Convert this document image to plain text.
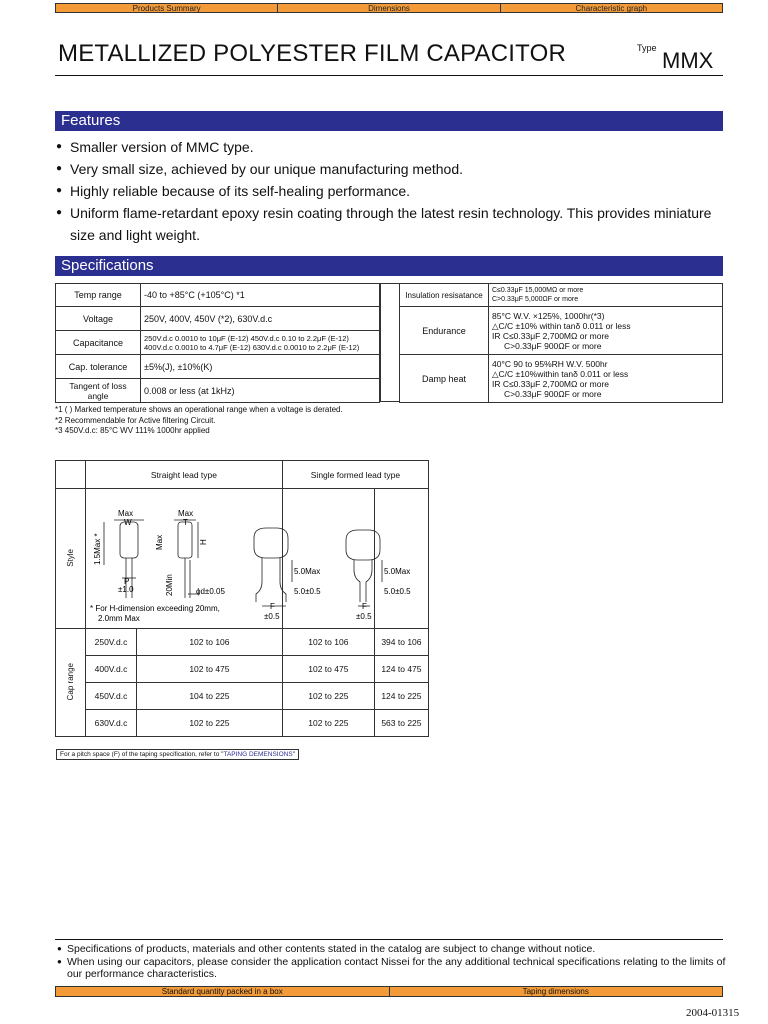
Products Summary	Dimensions	Characteristic graph
METALLIZED POLYESTER FILM CAPACITOR	Type MMX
Features
● Smaller version of MMC type.
● Very small size, achieved by our unique manufacturing method.
● Highly reliable because of its self-healing performance.
● Uniform flame-retardant epoxy resin coating through the latest resin technology. This provides miniature size and light weight.
Specifications
Temp range	-40 to +85°C (+105°C) *1
Voltage	250V, 400V, 450V (*2), 630V.d.c
Capacitance	250V.d.c 0.0010 to 10μF (E-12) 450V.d.c 0.10 to 2.2μF (E-12)
400V.d.c 0.0010 to 4.7μF (E-12) 630V.d.c 0.0010 to 2.2μF (E-12)

Cap. tolerance	±5%(J), ±10%(K)
Tangent of loss angle	0.008 or less (at 1kHz)
Insulation resisatance	C≤0.33μF 15,000MΩ or more
C>0.33μF 5,000ΩF or more

Endurance	85°C W.V. ×125%, 1000hr(*3)
△C/C ±10% within tanδ 0.011 or less
IR C≤0.33μF 2,700MΩ or more
C>0.33μF 900ΩF or more

Damp heat	40°C 90 to 95%RH W.V. 500hr
△C/C ±10%within tanδ 0.011 or less
IR C≤0.33μF 2,700MΩ or more
C>0.33μF 900ΩF or more
*1 ( ) Marked temperature shows an operational range when a voltage is derated.
*2 Recommendable for Active filtering Circuit.
*3 450V.d.c: 85°C WV 111% 1000hr applied
	Straight lead type		Single formed lead type	
Style				
Cap range	250V.d.c	102 to 106	102 to 106	394 to 106
	400V.d.c	102 to 475	102 to 475	124 to 475
	450V.d.c	104 to 225	102 to 225	124 to 225
	630V.d.c	102 to 225	102 to 225	563 to 225
Max
W
Max
T
Max	H
1.5Max *
20Min
P
±1.0	ϕd±0.05
* For H-dimension exceeding 20mm,
2.0mm Max
5.0Max
5.0±0.5
F
±0.5
5.0Max
5.0±0.5
F
±0.5
For a pitch space (F) of the taping specification, refer to "TAPING DEMENSIONS"
● Specifications of products, materials and other contents stated in the catalog are subject to change without notice.
● When using our capacitors, please consider the application contact Nissei for the any additional technical specifications relating to the limits of our performance characteristics.
Standard quantity packed in a box	Taping dimensions
2004-01315
